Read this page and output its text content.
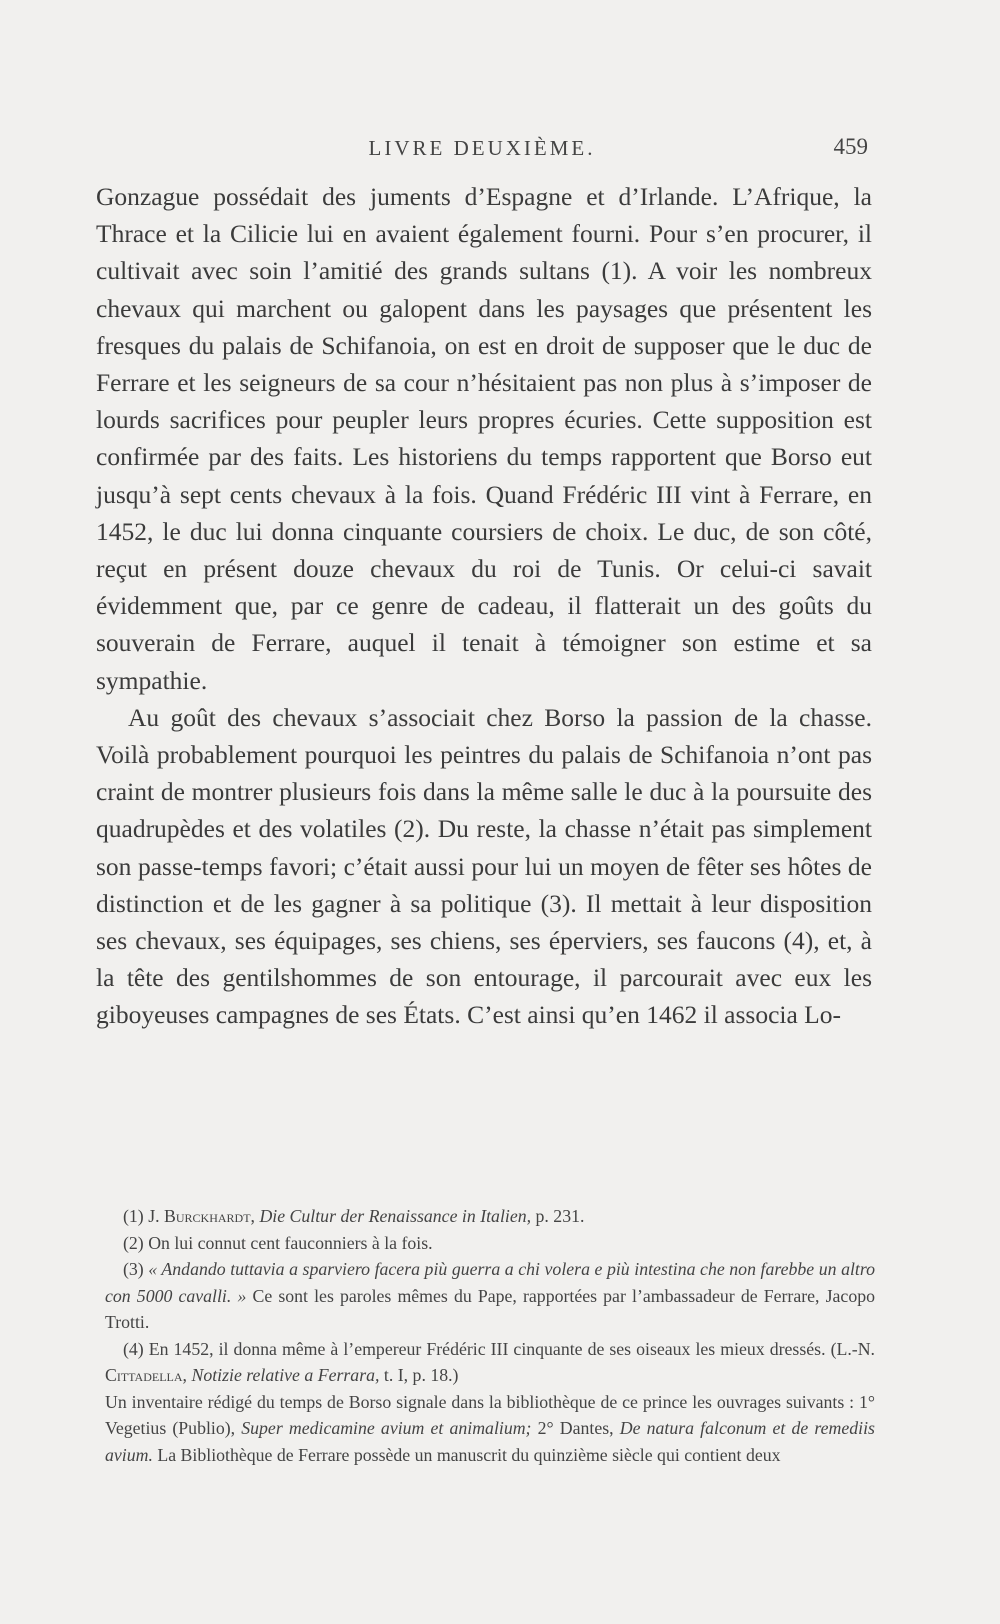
LIVRE DEUXIÈME.	459

Gonzague possédait des juments d’Espagne et d’Irlande. L’Afrique, la Thrace et la Cilicie lui en avaient également fourni. Pour s’en procurer, il cultivait avec soin l’amitié des grands sultans (1). A voir les nombreux chevaux qui marchent ou galopent dans les paysages que présentent les fresques du palais de Schifanoia, on est en droit de supposer que le duc de Ferrare et les seigneurs de sa cour n’hésitaient pas non plus à s’imposer de lourds sacrifices pour peupler leurs propres écuries. Cette supposition est confirmée par des faits. Les historiens du temps rapportent que Borso eut jusqu’à sept cents chevaux à la fois. Quand Frédéric III vint à Ferrare, en 1452, le duc lui donna cinquante coursiers de choix. Le duc, de son côté, reçut en présent douze chevaux du roi de Tunis. Or celui-ci savait évidemment que, par ce genre de cadeau, il flatterait un des goûts du souverain de Ferrare, auquel il tenait à témoigner son estime et sa sympathie.

Au goût des chevaux s’associait chez Borso la passion de la chasse. Voilà probablement pourquoi les peintres du palais de Schifanoia n’ont pas craint de montrer plusieurs fois dans la même salle le duc à la poursuite des quadrupèdes et des volatiles (2). Du reste, la chasse n’était pas simplement son passe-temps favori; c’était aussi pour lui un moyen de fêter ses hôtes de distinction et de les gagner à sa politique (3). Il mettait à leur disposition ses chevaux, ses équipages, ses chiens, ses éperviers, ses faucons (4), et, à la tête des gentilshommes de son entourage, il parcourait avec eux les giboyeuses campagnes de ses États. C’est ainsi qu’en 1462 il associa Lo-

(1) J. Burckhardt, Die Cultur der Renaissance in Italien, p. 231.

(2) On lui connut cent fauconniers à la fois.

(3) « Andando tuttavia a sparviero facera più guerra a chi volera e più intestina che non farebbe un altro con 5000 cavalli. » Ce sont les paroles mêmes du Pape, rapportées par l’ambassadeur de Ferrare, Jacopo Trotti.

(4) En 1452, il donna même à l’empereur Frédéric III cinquante de ses oiseaux les mieux dressés. (L.-N. Cittadella, Notizie relative a Ferrara, t. I, p. 18.)

Un inventaire rédigé du temps de Borso signale dans la bibliothèque de ce prince les ouvrages suivants : 1° Vegetius (Publio), Super medicamine avium et animalium; 2° Dantes, De natura falconum et de remediis avium. La Bibliothèque de Ferrare possède un manuscrit du quinzième siècle qui contient deux
